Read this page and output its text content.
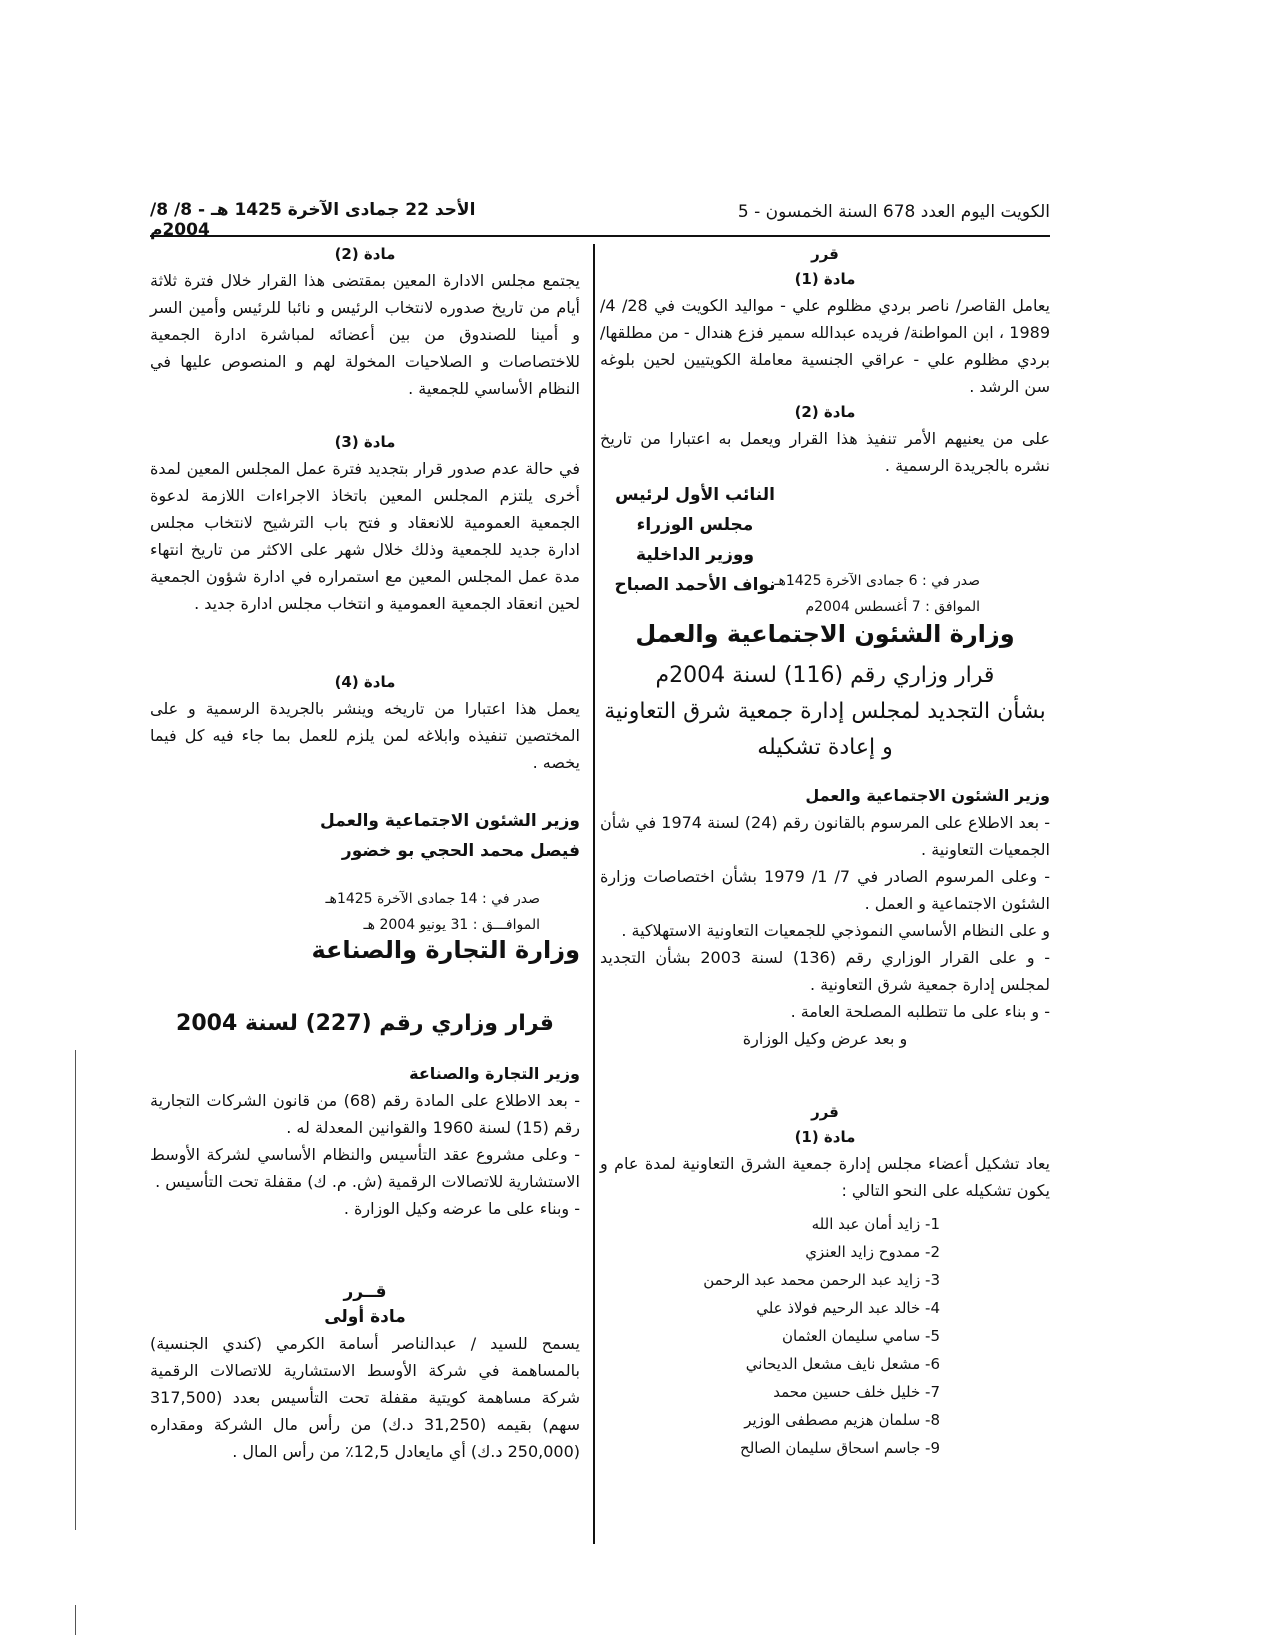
الأحد 22 جمادى الآخرة 1425 هـ - 8/ 8/ 2004م
الكويت اليوم العدد 678 السنة الخمسون - 5

مادة (2)

يجتمع مجلس الادارة المعين بمقتضى هذا القرار خلال فترة ثلاثة أيام من تاريخ صدوره لانتخاب الرئيس و نائبا للرئيس وأمين السر و أمينا للصندوق من بين أعضائه لمباشرة ادارة الجمعية للاختصاصات و الصلاحيات المخولة لهم و المنصوص عليها في النظام الأساسي للجمعية .

مادة (3)

في حالة عدم صدور قرار بتجديد فترة عمل المجلس المعين لمدة أخرى يلتزم المجلس المعين باتخاذ الاجراءات اللازمة لدعوة الجمعية العمومية للانعقاد و فتح باب الترشيح لانتخاب مجلس ادارة جديد للجمعية وذلك خلال شهر على الاكثر من تاريخ انتهاء مدة عمل المجلس المعين مع استمراره في ادارة شؤون الجمعية لحين انعقاد الجمعية العمومية و انتخاب مجلس ادارة جديد .

مادة (4)

يعمل هذا اعتبارا من تاريخه وينشر بالجريدة الرسمية و على المختصين تنفيذه وابلاغه لمن يلزم للعمل بما جاء فيه كل فيما يخصه .

وزير الشئون الاجتماعية والعمل

فيصل محمد الحجي بو خضور

صدر في : 14 جمادى الآخرة 1425هـ

الموافـــق : 31 يونيو 2004 هـ

وزارة التجارة والصناعة

قرار وزاري رقم (227) لسنة 2004

وزير التجارة والصناعة

- بعد الاطلاع على المادة رقم (68) من قانون الشركات التجارية رقم (15) لسنة 1960 والقوانين المعدلة له .

- وعلى مشروع عقد التأسيس والنظام الأساسي لشركة الأوسط الاستشارية للاتصالات الرقمية (ش. م. ك) مقفلة تحت التأسيس .

- وبناء على ما عرضه وكيل الوزارة .

قــرر

مادة أولى

يسمح للسيد / عبدالناصر أسامة الكرمي (كندي الجنسية) بالمساهمة في شركة الأوسط الاستشارية للاتصالات الرقمية شركة مساهمة كويتية مقفلة تحت التأسيس بعدد (317,500 سهم) بقيمه (31,250 د.ك) من رأس مال الشركة ومقداره (250,000 د.ك) أي مايعادل 12,5٪ من رأس المال .

قرر

مادة (1)

يعامل القاصر/ ناصر بردي مظلوم علي - مواليد الكويت في 28/ 4/ 1989 ، ابن المواطنة/ فريده عبدالله سمير فزع هندال - من مطلقها/ بردي مظلوم علي - عراقي الجنسية معاملة الكويتيين لحين بلوغه سن الرشد .

مادة (2)

على من يعنيهم الأمر تنفيذ هذا القرار ويعمل به اعتبارا من تاريخ نشره بالجريدة الرسمية .

النائب الأول لرئيس مجلس الوزراء

ووزير الداخلية

نواف الأحمد الصباح

صدر في : 6 جمادى الآخرة 1425هـ

الموافق : 7 أغسطس 2004م

وزارة الشئون الاجتماعية والعمل

قرار وزاري رقم (116) لسنة 2004م

بشأن التجديد لمجلس إدارة جمعية شرق التعاونية

و إعادة تشكيله

وزير الشئون الاجتماعية والعمل

- بعد الاطلاع على المرسوم بالقانون رقم (24) لسنة 1974 في شأن الجمعيات التعاونية .

- وعلى المرسوم الصادر في 7/ 1/ 1979 بشأن اختصاصات وزارة الشئون الاجتماعية و العمل .

و على النظام الأساسي النموذجي للجمعيات التعاونية الاستهلاكية .

- و على القرار الوزاري رقم (136) لسنة 2003 بشأن التجديد لمجلس إدارة جمعية شرق التعاونية .

- و بناء على ما تتطلبه المصلحة العامة .

و بعد عرض وكيل الوزارة

قرر

مادة (1)

يعاد تشكيل أعضاء مجلس إدارة جمعية الشرق التعاونية لمدة عام و يكون تشكيله على النحو التالي :

1- زايد أمان عبد الله

2- ممدوح زايد العنزي

3- زايد عبد الرحمن محمد عبد الرحمن

4- خالد عبد الرحيم فولاذ علي

5- سامي سليمان العثمان

6- مشعل نايف مشعل الديحاني

7- خليل خلف حسين محمد

8- سلمان هزيم مصطفى الوزير

9- جاسم اسحاق سليمان الصالح
